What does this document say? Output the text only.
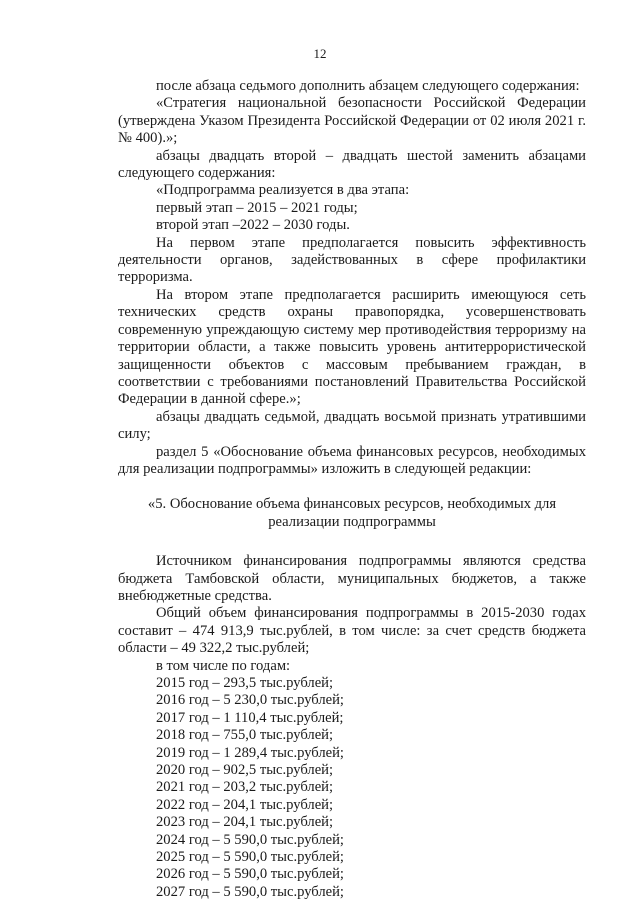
12

после абзаца седьмого дополнить абзацем следующего содержания:

«Стратегия национальной безопасности Российской Федерации (утверждена Указом Президента Российской Федерации от 02 июля 2021 г. № 400).»;

абзацы двадцать второй – двадцать шестой заменить абзацами следующего содержания:

«Подпрограмма реализуется в два этапа:

первый этап – 2015 – 2021 годы;

второй этап –2022 – 2030 годы.

На первом этапе предполагается повысить эффективность деятельности органов, задействованных в сфере профилактики терроризма.

На втором этапе предполагается расширить имеющуюся сеть технических средств охраны правопорядка, усовершенствовать современную упреждающую систему мер противодействия терроризму на территории области, а также повысить уровень антитеррористической защищенности объектов с массовым пребыванием граждан, в соответствии с требованиями постановлений Правительства Российской Федерации в данной сфере.»;

абзацы двадцать седьмой, двадцать восьмой признать утратившими силу;

раздел 5 «Обоснование объема финансовых ресурсов, необходимых для реализации подпрограммы» изложить в следующей редакции:

«5. Обоснование объема финансовых ресурсов, необходимых для реализации подпрограммы

Источником финансирования подпрограммы являются средства бюджета Тамбовской области, муниципальных бюджетов, а также внебюджетные средства.

Общий объем финансирования подпрограммы в 2015-2030 годах составит – 474 913,9 тыс.рублей, в том числе: за счет средств бюджета области – 49 322,2 тыс.рублей;

в том числе по годам:

2015 год – 293,5 тыс.рублей;
2016 год – 5 230,0 тыс.рублей;
2017 год – 1 110,4 тыс.рублей;
2018 год – 755,0 тыс.рублей;
2019 год – 1 289,4 тыс.рублей;
2020 год – 902,5 тыс.рублей;
2021 год – 203,2 тыс.рублей;
2022 год – 204,1 тыс.рублей;
2023 год – 204,1 тыс.рублей;
2024 год – 5 590,0 тыс.рублей;
2025 год – 5 590,0 тыс.рублей;
2026 год – 5 590,0 тыс.рублей;
2027 год – 5 590,0 тыс.рублей;
